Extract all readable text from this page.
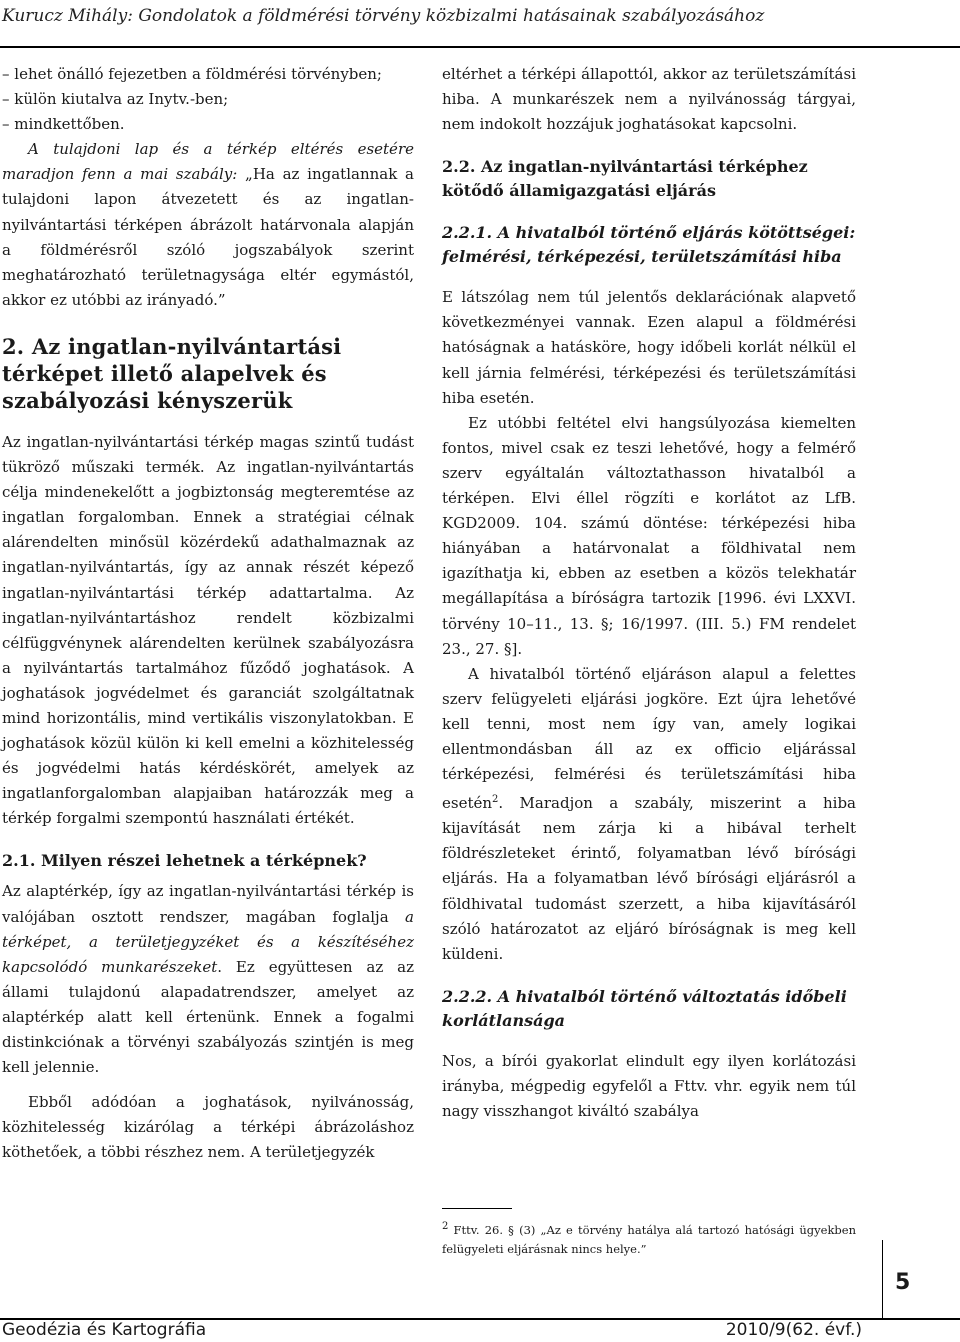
Kurucz Mihály: Gondolatok a földmérési törvény közbizalmi hatásainak szabályozásához

– lehet önálló fejezetben a földmérési törvényben;

– külön kiutalva az Inytv.-ben;

– mindkettőben.

A tulajdoni lap és a térkép eltérés esetére maradjon fenn a mai szabály: „Ha az ingatlannak a tulajdoni lapon átvezetett és az ingatlan-nyilvántartási térképen ábrázolt határvonala alapján a földmérésről szóló jogszabályok szerint meghatározható területnagysága eltér egymástól, akkor ez utóbbi az irányadó.”

2. Az ingatlan-nyilvántartási térképet illető alapelvek és szabályozási kényszerük

Az ingatlan-nyilvántartási térkép magas szintű tudást tükröző műszaki termék. Az ingatlan-nyilvántartás célja mindenekelőtt a jogbiztonság megteremtése az ingatlan forgalomban. Ennek a stratégiai célnak alárendelten minősül közérdekű adathalmaznak az ingatlan-nyilvántartás, így az annak részét képező ingatlan-nyilvántartási térkép adattartalma. Az ingatlan-nyilvántartáshoz rendelt közbizalmi célfüggvénynek alárendelten kerülnek szabályozásra a nyilvántartás tartalmához fűződő joghatások. A joghatások jogvédelmet és garanciát szolgáltatnak mind horizontális, mind vertikális viszonylatokban. E joghatások közül külön ki kell emelni a közhitelesség és jogvédelmi hatás kérdéskörét, amelyek az ingatlanforgalomban alapjaiban határozzák meg a térkép forgalmi szempontú használati értékét.

2.1. Milyen részei lehetnek a térképnek?

Az alaptérkép, így az ingatlan-nyilvántartási térkép is valójában osztott rendszer, magában foglalja a térképet, a területjegyzéket és a készítéséhez kapcsolódó munkarészeket. Ez együttesen az az állami tulajdonú alapadatrendszer, amelyet az alaptérkép alatt kell értenünk. Ennek a fogalmi distinkciónak a törvényi szabályozás szintjén is meg kell jelennie.

Ebből adódóan a joghatások, nyilvánosság, közhitelesség kizárólag a térképi ábrázoláshoz köthetőek, a többi részhez nem. A területjegyzék

eltérhet a térképi állapottól, akkor az területszámítási hiba. A munkarészek nem a nyilvánosság tárgyai, nem indokolt hozzájuk joghatásokat kapcsolni.

2.2. Az ingatlan-nyilvántartási térképhez kötődő államigazgatási eljárás
2.2.1. A hivatalból történő eljárás kötöttségei: felmérési, térképezési, területszámítási hiba

E látszólag nem túl jelentős deklarációnak alapvető következményei vannak. Ezen alapul a földmérési hatóságnak a hatásköre, hogy időbeli korlát nélkül el kell járnia felmérési, térképezési és területszámítási hiba esetén.

Ez utóbbi feltétel elvi hangsúlyozása kiemelten fontos, mivel csak ez teszi lehetővé, hogy a felmérő szerv egyáltalán változtathasson hivatalból a térképen. Elvi éllel rögzíti e korlátot az LfB. KGD2009. 104. számú döntése: térképezési hiba hiányában a határvonalat a földhivatal nem igazíthatja ki, ebben az esetben a közös telekhatár megállapítása a bíróságra tartozik [1996. évi LXXVI. törvény 10–11., 13. §; 16/1997. (III. 5.) FM rendelet 23., 27. §].

A hivatalból történő eljáráson alapul a felettes szerv felügyeleti eljárási jogköre. Ezt újra lehetővé kell tenni, most nem így van, amely logikai ellentmondásban áll az ex officio eljárással térképezési, felmérési és területszámítási hiba esetén$^2$. Maradjon a szabály, miszerint a hiba kijavítását nem zárja ki a hibával terhelt földrészleteket érintő, folyamatban lévő bírósági eljárás. Ha a folyamatban lévő bírósági eljárásról a földhivatal tudomást szerzett, a hiba kijavításáról szóló határozatot az eljáró bíróságnak is meg kell küldeni.

2.2.2. A hivatalból történő változtatás időbeli korlátlansága

Nos, a bírói gyakorlat elindult egy ilyen korlátozási irányba, mégpedig egyfelől a Fttv. vhr. egyik nem túl nagy visszhangot kiváltó szabálya

$^2$ Fttv. 26. § (3) „Az e törvény hatálya alá tartozó hatósági ügyekben felügyeleti eljárásnak nincs helye.”
5
Geodézia és Kartográfia	2010/9(62. évf.)
